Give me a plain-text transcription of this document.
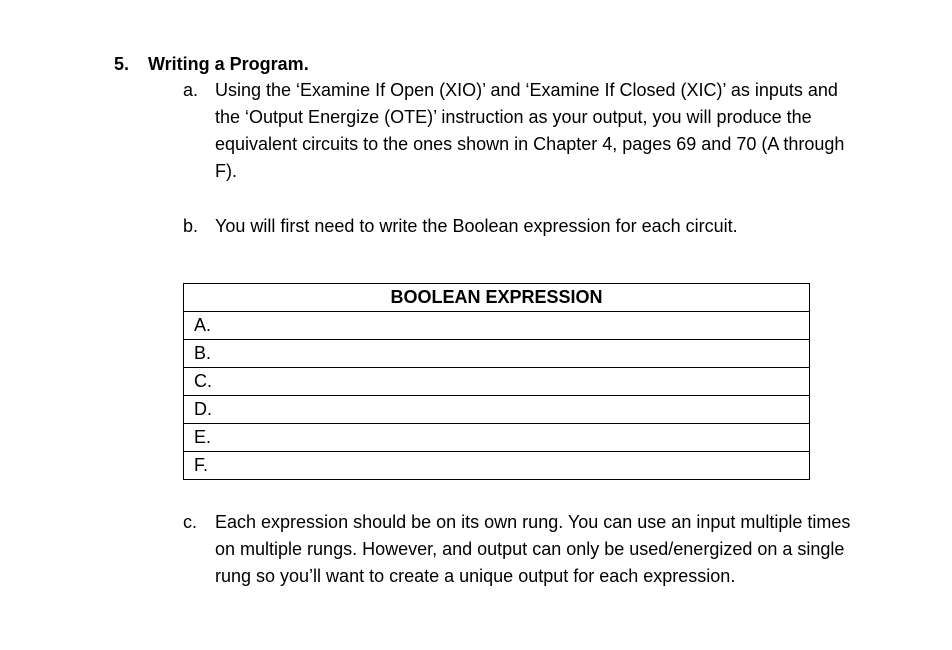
5. Writing a Program.
a. Using the ‘Examine If Open (XIO)’ and ‘Examine If Closed (XIC)’ as inputs and the ‘Output Energize (OTE)’ instruction as your output, you will produce the equivalent circuits to the ones shown in Chapter 4, pages 69 and 70 (A through F).
b. You will first need to write the Boolean expression for each circuit.
BOOLEAN EXPRESSION
A.
B.
C.
D.
E.
F.
c. Each expression should be on its own rung. You can use an input multiple times on multiple rungs. However, and output can only be used/energized on a single rung so you’ll want to create a unique output for each expression.
